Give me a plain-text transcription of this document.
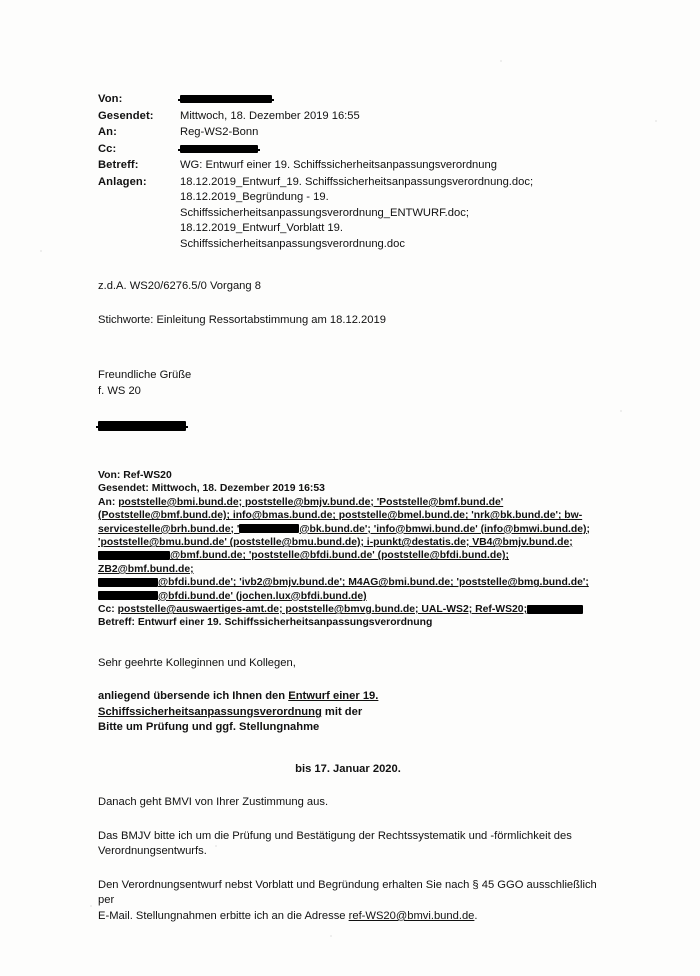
Von:
Gesendet:	Mittwoch, 18. Dezember 2019 16:55
An:	Reg-WS2-Bonn
Cc:
Betreff:	WG: Entwurf einer 19. Schiffssicherheitsanpassungsverordnung
Anlagen:	18.12.2019_Entwurf_19. Schiffssicherheitsanpassungsverordnung.doc;
18.12.2019_Begründung - 19.
Schiffssicherheitsanpassungsverordnung_ENTWURF.doc;
18.12.2019_Entwurf_Vorblatt 19.
Schiffssicherheitsanpassungsverordnung.doc

z.d.A. WS20/6276.5/0 Vorgang 8

Stichworte: Einleitung Ressortabstimmung am 18.12.2019

Freundliche Grüße

f. WS 20

Von: Ref-WS20
Gesendet: Mittwoch, 18. Dezember 2019 16:53
An: poststelle@bmi.bund.de; poststelle@bmjv.bund.de; 'Poststelle@bmf.bund.de'
(Poststelle@bmf.bund.de); info@bmas.bund.de; poststelle@bmel.bund.de; 'nrk@bk.bund.de'; bw-
servicestelle@brh.bund.de; '	@bk.bund.de'; 'info@bmwi.bund.de' (info@bmwi.bund.de);
'poststelle@bmu.bund.de' (poststelle@bmu.bund.de); i-punkt@destatis.de; VB4@bmjv.bund.de;
@bmf.bund.de; 'poststelle@bfdi.bund.de' (poststelle@bfdi.bund.de); ZB2@bmf.bund.de;
@bfdi.bund.de'; 'ivb2@bmjv.bund.de'; M4AG@bmi.bund.de; 'poststelle@bmg.bund.de';
@bfdi.bund.de' (jochen.lux@bfdi.bund.de)
Cc: poststelle@auswaertiges-amt.de; poststelle@bmvg.bund.de; UAL-WS2; Ref-WS20;
Betreff: Entwurf einer 19. Schiffssicherheitsanpassungsverordnung

Sehr geehrte Kolleginnen und Kollegen,

anliegend übersende ich Ihnen den Entwurf einer 19. Schiffssicherheitsanpassungsverordnung mit der

Bitte um Prüfung und ggf. Stellungnahme

bis 17. Januar 2020.

Danach geht BMVI von Ihrer Zustimmung aus.

Das BMJV bitte ich um die Prüfung und Bestätigung der Rechtssystematik und -förmlichkeit des

Verordnungsentwurfs.

Den Verordnungsentwurf nebst Vorblatt und Begründung erhalten Sie nach § 45 GGO ausschließlich per

E-Mail. Stellungnahmen erbitte ich an die Adresse ref-WS20@bmvi.bund.de.
